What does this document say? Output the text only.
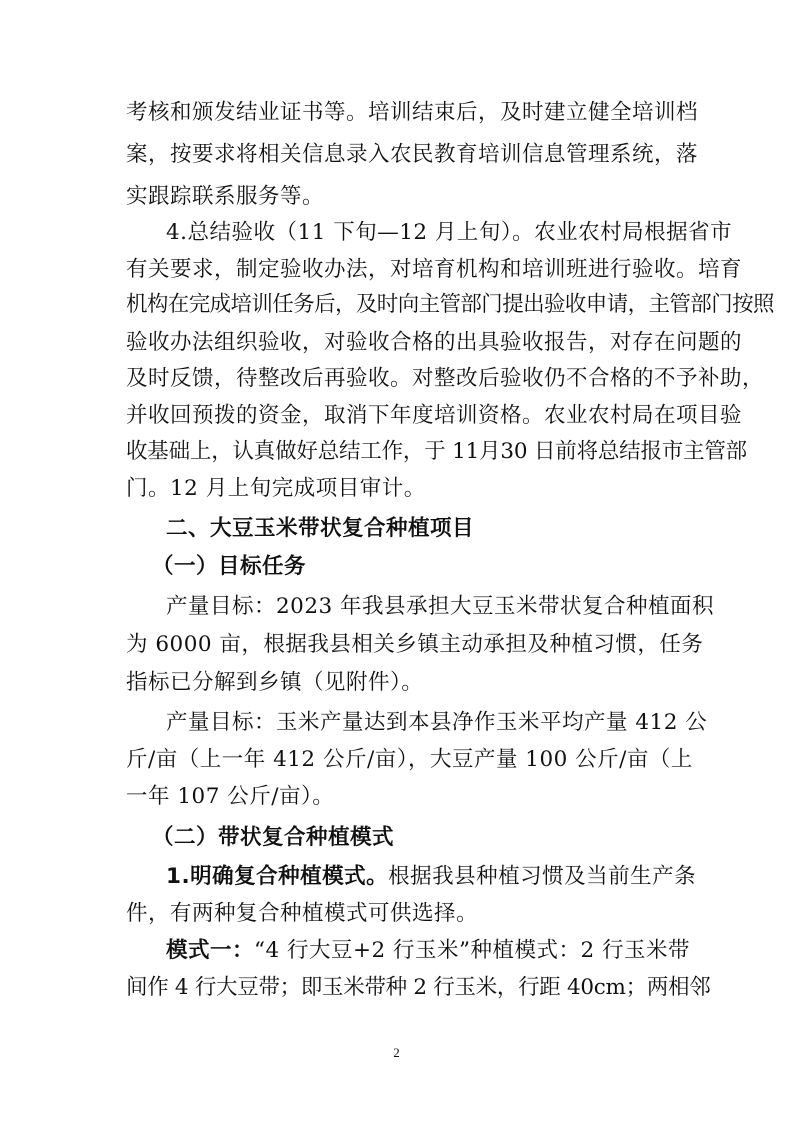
考核和颁发结业证书等。培训结束后，及时建立健全培训档
案，按要求将相关信息录入农民教育培训信息管理系统，落
实跟踪联系服务等。
4.总结验收（11 下旬—12 月上旬）。农业农村局根据省市
有关要求，制定验收办法，对培育机构和培训班进行验收。培育
机构在完成培训任务后，及时向主管部门提出验收申请，主管部门按照
验收办法组织验收，对验收合格的出具验收报告，对存在问题的
及时反馈，待整改后再验收。对整改后验收仍不合格的不予补助，
并收回预拨的资金，取消下年度培训资格。农业农村局在项目验
收基础上，认真做好总结工作，于 11月30 日前将总结报市主管部
门。12 月上旬完成项目审计。
二、大豆玉米带状复合种植项目
（一）目标任务
产量目标：2023 年我县承担大豆玉米带状复合种植面积
为 6000 亩，根据我县相关乡镇主动承担及种植习惯，任务
指标已分解到乡镇（见附件）。
产量目标：玉米产量达到本县净作玉米平均产量 412 公
斤/亩（上一年 412 公斤/亩），大豆产量 100 公斤/亩（上
一年 107 公斤/亩）。
（二）带状复合种植模式
1.明确复合种植模式。根据我县种植习惯及当前生产条
件，有两种复合种植模式可供选择。
模式一：“4 行大豆+2 行玉米”种植模式：2 行玉米带
间作 4 行大豆带；即玉米带种 2 行玉米，行距 40cm；两相邻
2
